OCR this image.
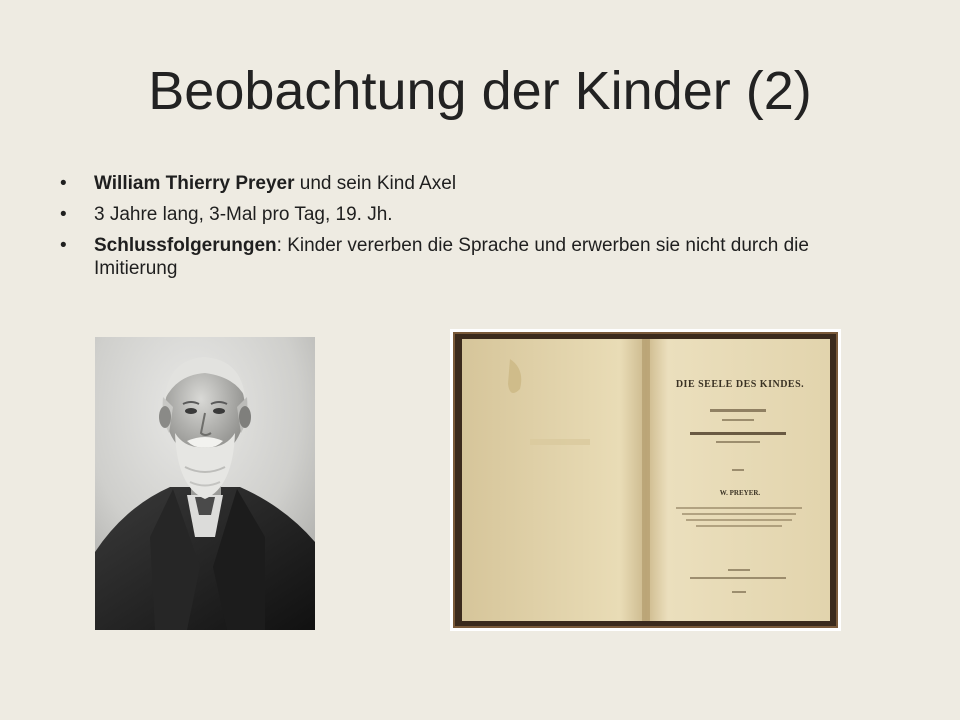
Beobachtung der Kinder (2)
•	William Thierry Preyer und sein Kind Axel
•	3 Jahre lang, 3-Mal pro Tag, 19. Jh.
•	Schlussfolgerungen: Kinder vererben die Sprache und erwerben sie nicht durch die Imitierung
DIE SEELE DES KINDES.
W. PREYER.
